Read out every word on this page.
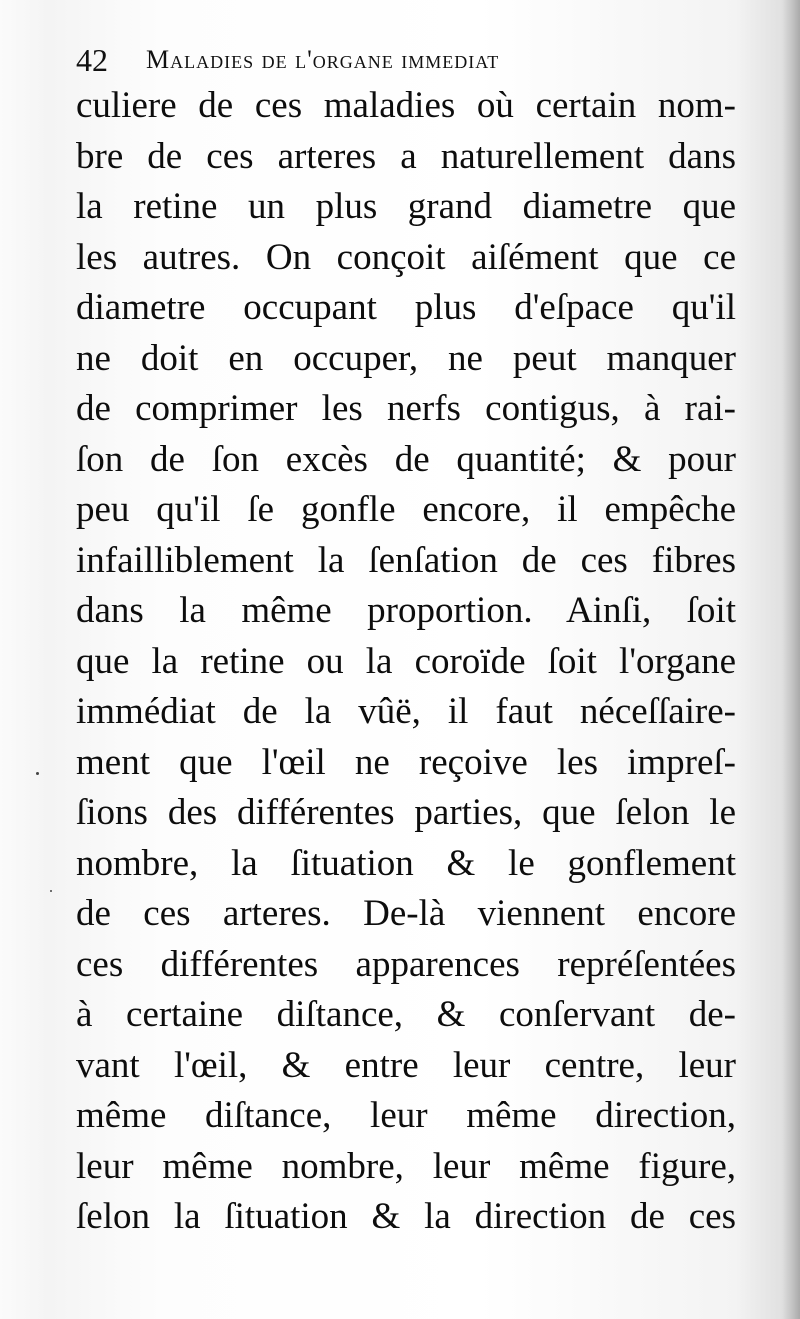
42 Maladies de l'organe immediat
culiere de ces maladies où certain nom-
bre de ces arteres a naturellement dans
la retine un plus grand diametre que
les autres. On conçoit aiſément que ce
diametre occupant plus d'eſpace qu'il
ne doit en occuper, ne peut manquer
de comprimer les nerfs contigus, à rai-
ſon de ſon excès de quantité; & pour
peu qu'il ſe gonfle encore, il empêche
infailliblement la ſenſation de ces fibres
dans la même proportion. Ainſi, ſoit
que la retine ou la coroïde ſoit l'organe
immédiat de la vûë, il faut néceſſaire-
ment que l'œil ne reçoive les impreſ-
ſions des différentes parties, que ſelon le
nombre, la ſituation & le gonflement
de ces arteres. De-là viennent encore
ces différentes apparences repréſentées
à certaine diſtance, & conſervant de-
vant l'œil, & entre leur centre, leur
même diſtance, leur même direction,
leur même nombre, leur même figure,
ſelon la ſituation & la direction de ces
